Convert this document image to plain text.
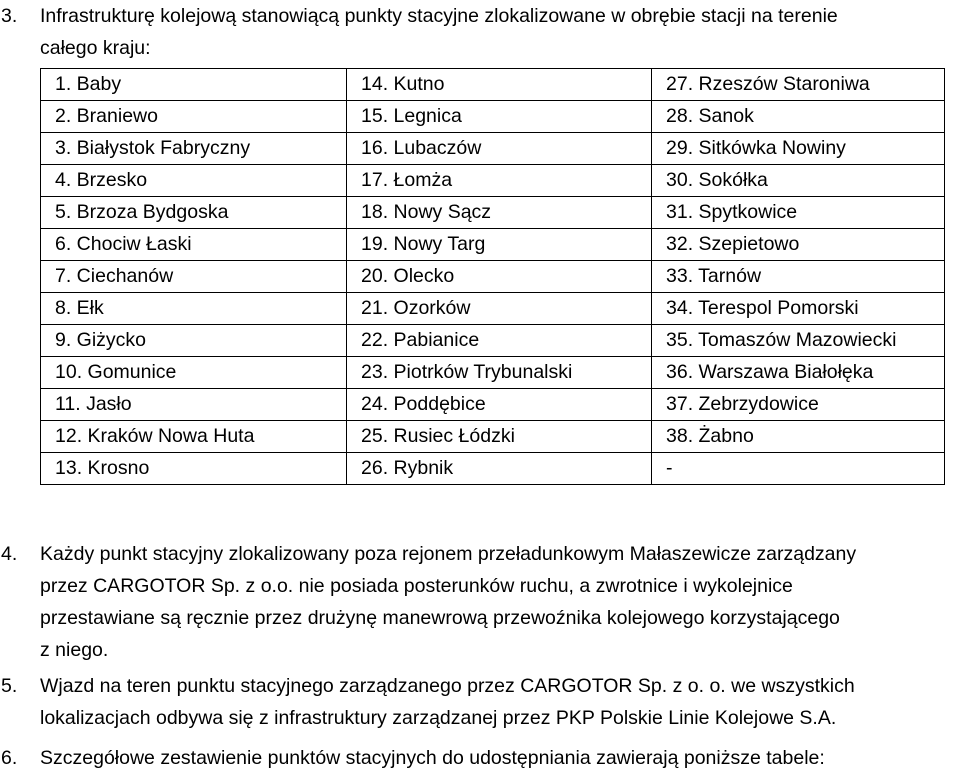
3. Infrastrukturę kolejową stanowiącą punkty stacyjne zlokalizowane w obrębie stacji na terenie
całego kraju:
1. Baby	14. Kutno	27. Rzeszów Staroniwa
2. Braniewo	15. Legnica	28. Sanok
3. Białystok Fabryczny	16. Lubaczów	29. Sitkówka Nowiny
4. Brzesko	17. Łomża	30. Sokółka
5. Brzoza Bydgoska	18. Nowy Sącz	31. Spytkowice
6. Chociw Łaski	19. Nowy Targ	32. Szepietowo
7. Ciechanów	20. Olecko	33. Tarnów
8. Ełk	21. Ozorków	34. Terespol Pomorski
9. Giżycko	22. Pabianice	35. Tomaszów Mazowiecki
10. Gomunice	23. Piotrków Trybunalski	36. Warszawa Białołęka
11. Jasło	24. Poddębice	37. Zebrzydowice
12. Kraków Nowa Huta	25. Rusiec Łódzki	38. Żabno
13. Krosno	26. Rybnik	-
4. Każdy punkt stacyjny zlokalizowany poza rejonem przeładunkowym Małaszewicze zarządzany
przez CARGOTOR Sp. z o.o. nie posiada posterunków ruchu, a zwrotnice i wykolejnice
przestawiane są ręcznie przez drużynę manewrową przewoźnika kolejowego korzystającego
z niego.
5. Wjazd na teren punktu stacyjnego zarządzanego przez CARGOTOR Sp. z o. o. we wszystkich
lokalizacjach odbywa się z infrastruktury zarządzanej przez PKP Polskie Linie Kolejowe S.A.
6. Szczegółowe zestawienie punktów stacyjnych do udostępniania zawierają poniższe tabele:
